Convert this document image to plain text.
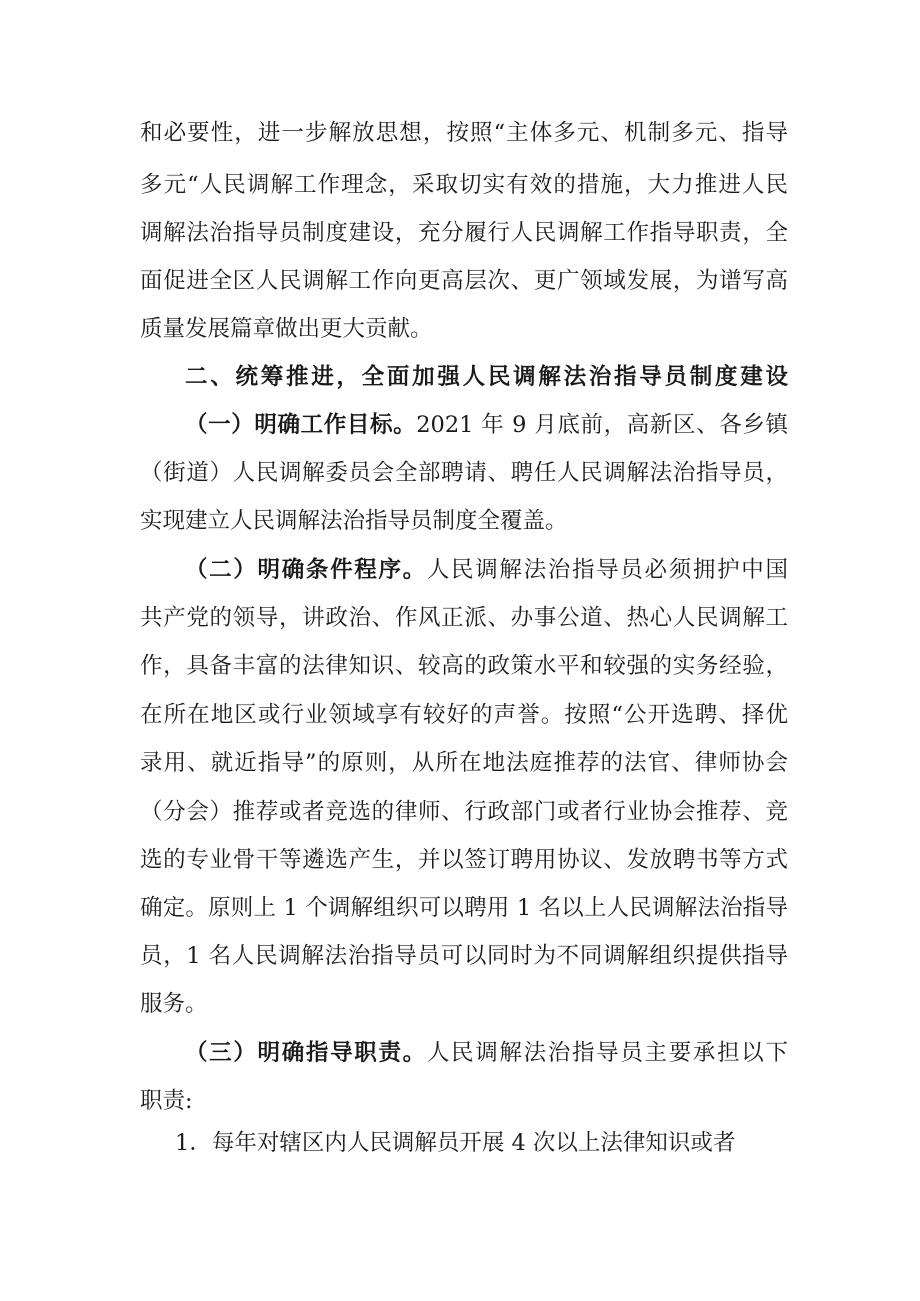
和必要性，进一步解放思想，按照“主体多元、机制多元、指导
多元“人民调解工作理念，采取切实有效的措施，大力推进人民
调解法治指导员制度建设，充分履行人民调解工作指导职责，全
面促进全区人民调解工作向更高层次、更广领域发展，为谱写高
质量发展篇章做出更大贡献。
二、统筹推进，全面加强人民调解法治指导员制度建设
（一）明确工作目标。2021 年 9 月底前，高新区、各乡镇
（街道）人民调解委员会全部聘请、聘任人民调解法治指导员，
实现建立人民调解法治指导员制度全覆盖。
（二）明确条件程序。人民调解法治指导员必须拥护中国
共产党的领导，讲政治、作风正派、办事公道、热心人民调解工
作，具备丰富的法律知识、较高的政策水平和较强的实务经验，
在所在地区或行业领域享有较好的声誉。按照“公开选聘、择优
录用、就近指导”的原则，从所在地法庭推荐的法官、律师协会
（分会）推荐或者竞选的律师、行政部门或者行业协会推荐、竞
选的专业骨干等遴选产生，并以签订聘用协议、发放聘书等方式
确定。原则上 1 个调解组织可以聘用 1 名以上人民调解法治指导
员，1 名人民调解法治指导员可以同时为不同调解组织提供指导
服务。
（三）明确指导职责。人民调解法治指导员主要承担以下
职责:
1．每年对辖区内人民调解员开展 4 次以上法律知识或者
